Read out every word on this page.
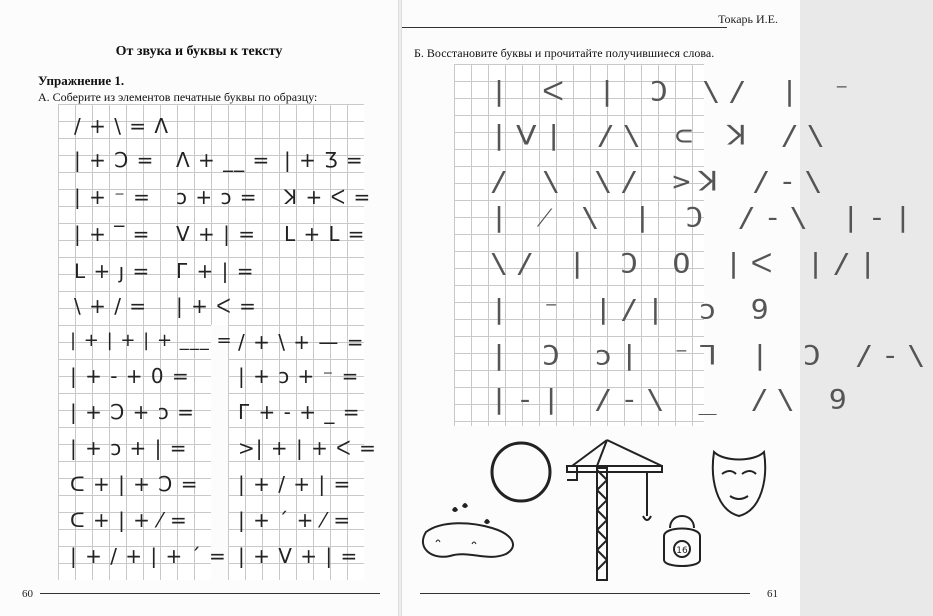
От звука и буквы к тексту
Упражнение 1.
А. Соберите из элементов печатные буквы по образцу:
/ + \ = Λ
| + Ͻ =
| + ⁻ =
| + ‾ =
ᒪ + ȷ =
\ + / =
| + | + | + ___ =
| + - + 0 =
| + Ͻ + ↄ =
| + ↄ + | =
ᑕ + | + Ͻ =
ᑕ + | + ⁄ =
| + / + | + ´ =
Λ + __ =
ↄ + ɔ =
V + | =
Г + | =
| + ᐸ =
| + Ʒ =
ꓘ + ᐸ =
L + Լ =
/ + \ + — =
| + ɔ + ⁻ =
Г + - + _ =
>| + | + ᐸ =
| + / + | =
| + ´ + ⁄ =
| + Ⅴ + | =
60
Токарь И.Е.
Б. Восстановите буквы и прочитайте получившиеся слова.
| ᐸ | Ͻ \/ | ⁻
|Ⅴ| /\ ⊂ ꓘ /\
/ \ \/ >ꓘ /-\
| ⁄ \ | Ͻ /-\ |-|
\/ | Ͻ O |ᐸ |/|
| ⁻ |/| ɔ 9
| Ͻ ɔ| ⁻ᒣ | Ͻ /-\
|-| /-\ _ /\ 9
16
61
